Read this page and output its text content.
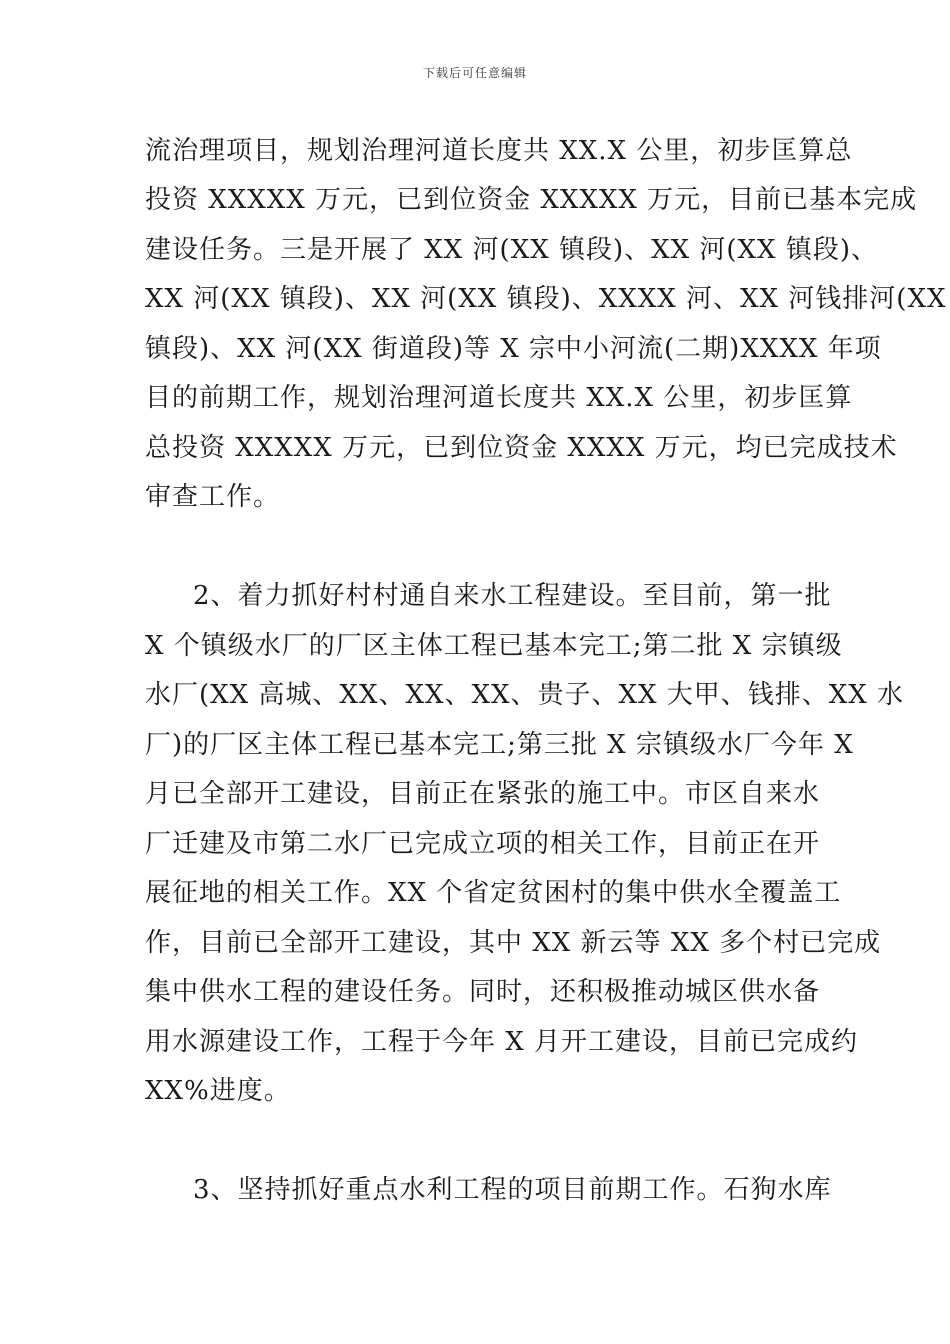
下载后可任意编辑
流治理项目，规划治理河道长度共 XX.X 公里，初步匡算总
投资 XXXXX 万元，已到位资金 XXXXX 万元，目前已基本完成
建设任务。三是开展了 XX 河(XX 镇段)、XX 河(XX 镇段)、
XX 河(XX 镇段)、XX 河(XX 镇段)、XXXX 河、XX 河钱排河(XX
镇段)、XX 河(XX 街道段)等 X 宗中小河流(二期)XXXX 年项
目的前期工作，规划治理河道长度共 XX.X 公里，初步匡算
总投资 XXXXX 万元，已到位资金 XXXX 万元，均已完成技术
审查工作。
2、着力抓好村村通自来水工程建设。至目前，第一批
X 个镇级水厂的厂区主体工程已基本完工;第二批 X 宗镇级
水厂(XX 高城、XX、XX、XX、贵子、XX 大甲、钱排、XX 水
厂)的厂区主体工程已基本完工;第三批 X 宗镇级水厂今年 X
月已全部开工建设，目前正在紧张的施工中。市区自来水
厂迁建及市第二水厂已完成立项的相关工作，目前正在开
展征地的相关工作。XX 个省定贫困村的集中供水全覆盖工
作，目前已全部开工建设，其中 XX 新云等 XX 多个村已完成
集中供水工程的建设任务。同时，还积极推动城区供水备
用水源建设工作，工程于今年 X 月开工建设，目前已完成约
XX%进度。
3、坚持抓好重点水利工程的项目前期工作。石狗水库
